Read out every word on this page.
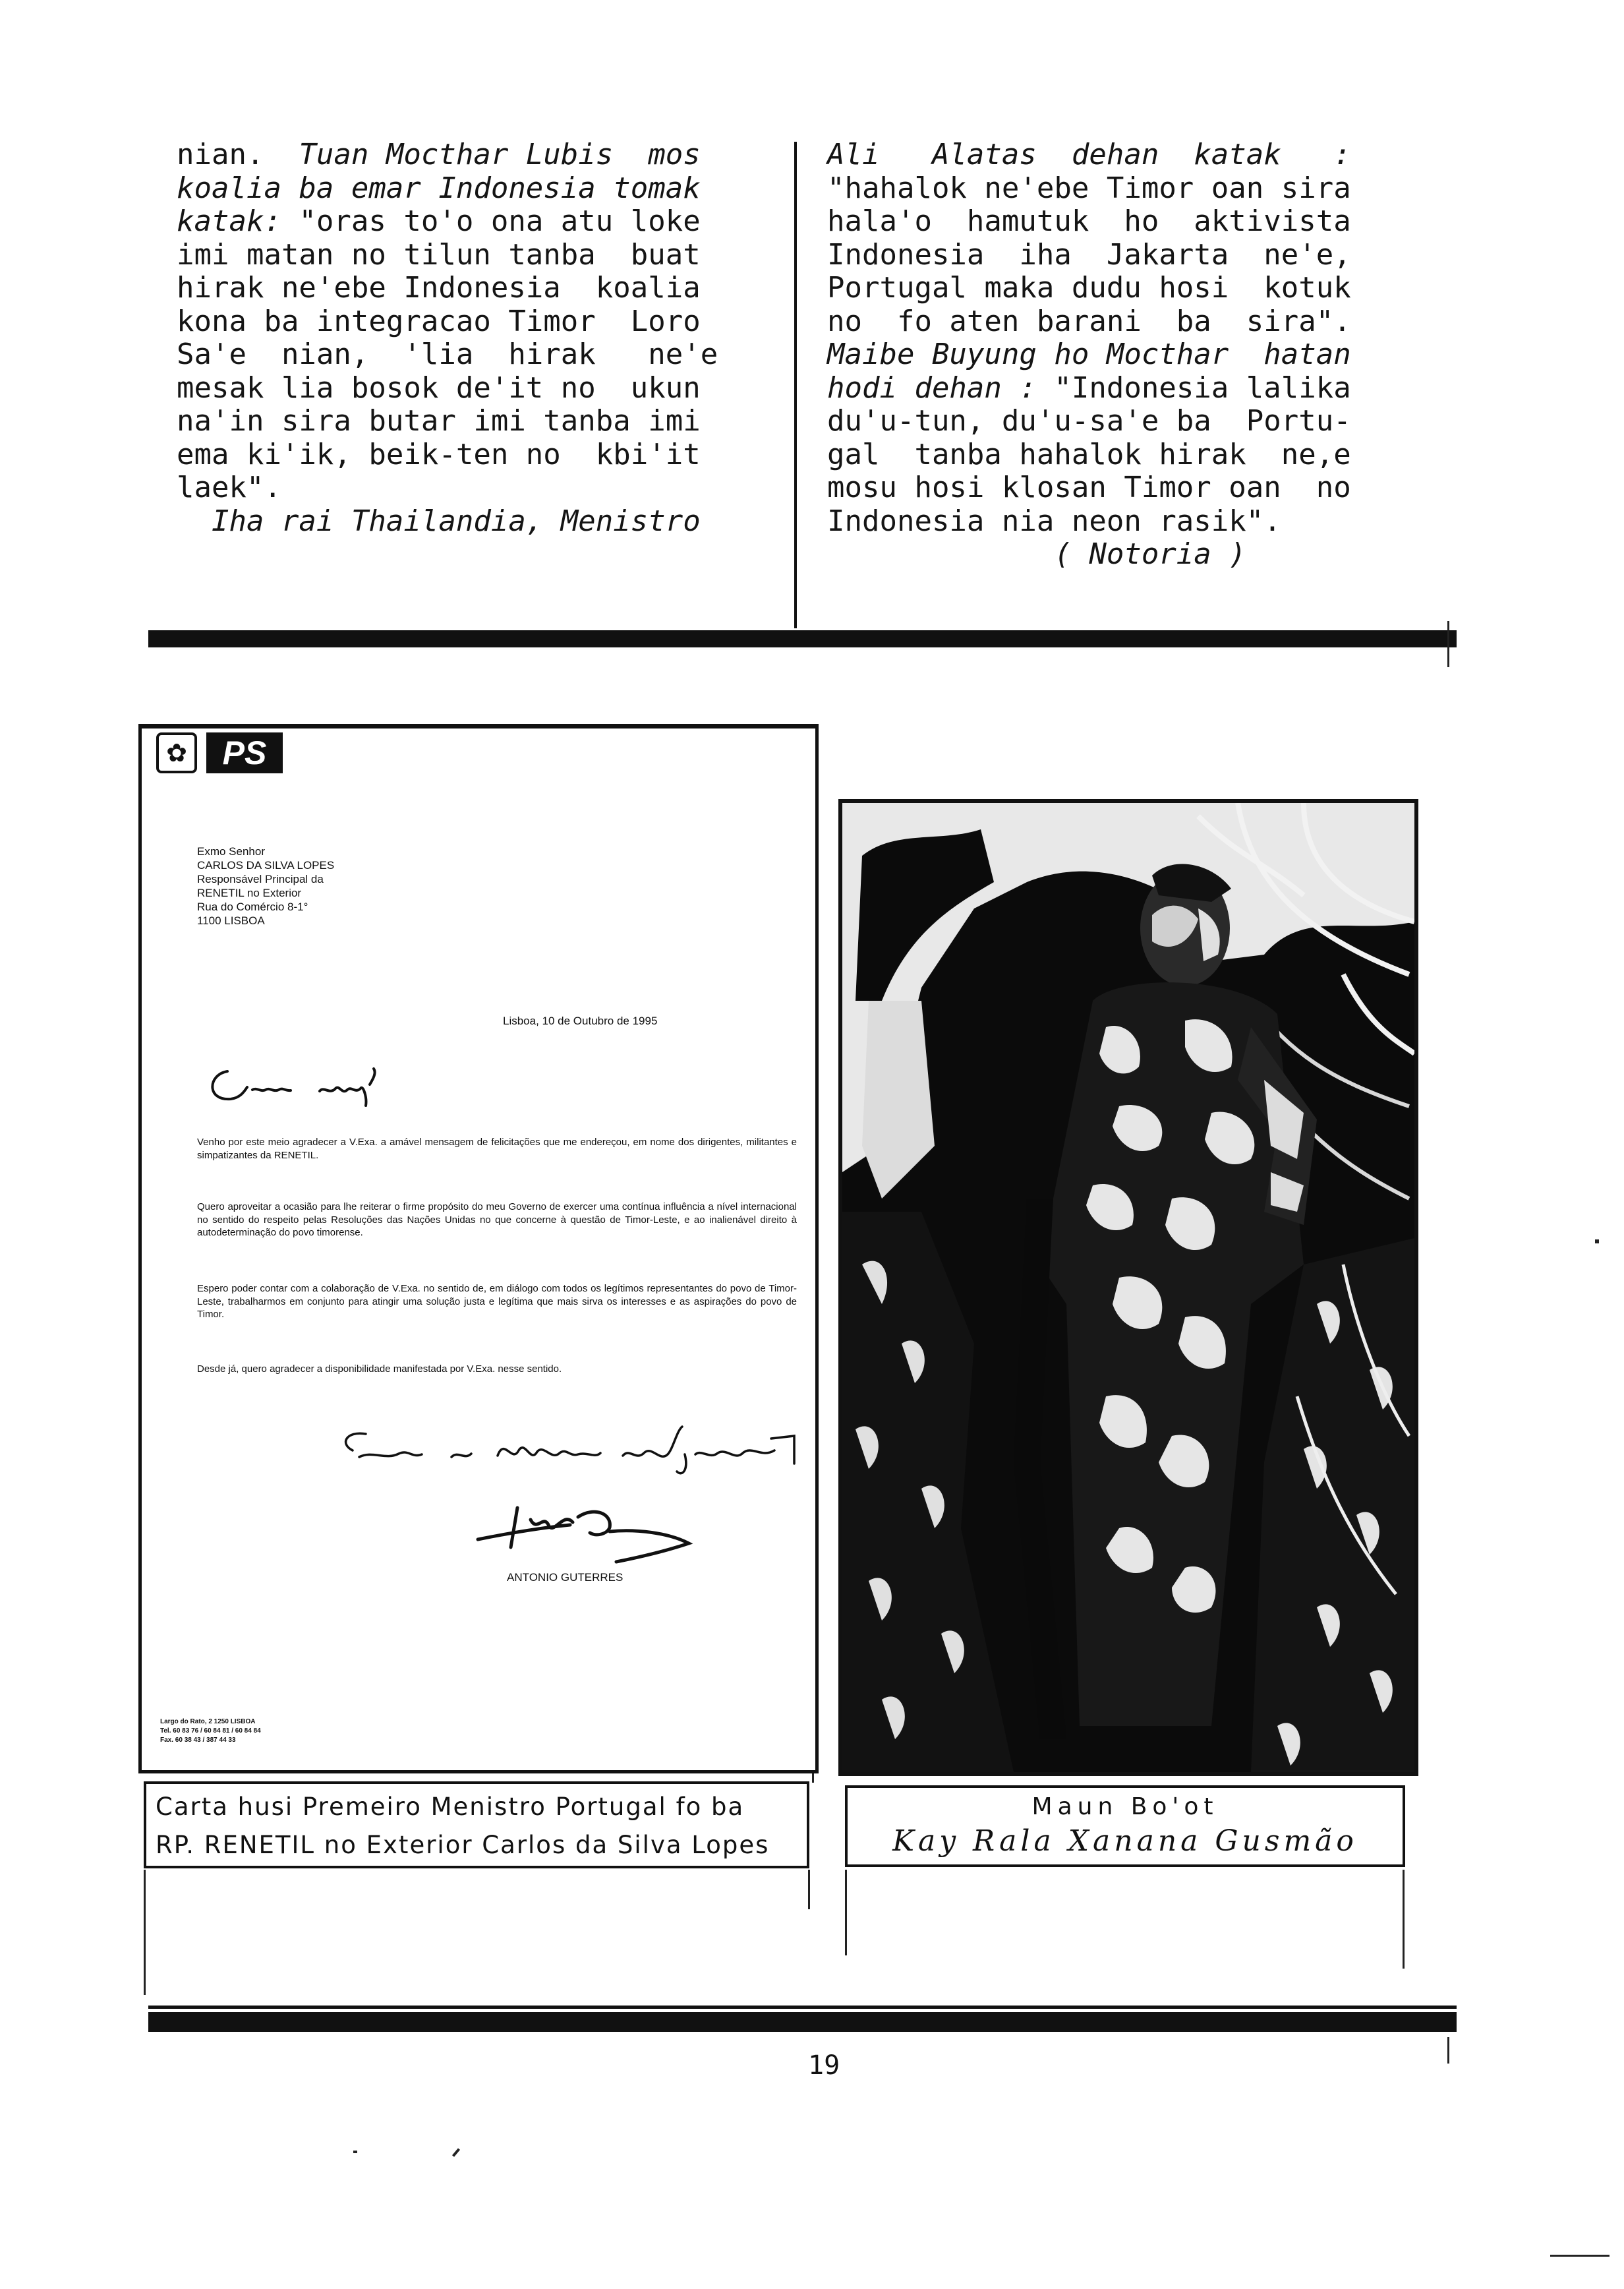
nian.  Tuan Mocthar Lubis  mos
koalia ba emar Indonesia tomak
katak: "oras to'o ona atu loke
imi matan no tilun tanba  buat
hirak ne'ebe Indonesia  koalia
kona ba integracao Timor  Loro
Sa'e  nian,  'lia  hirak   ne'e
mesak lia bosok de'it no  ukun
na'in sira butar imi tanba imi
ema ki'ik, beik-ten no  kbi'it
laek".
Iha rai Thailandia, Menistro
Ali   Alatas  dehan  katak   :
"hahalok ne'ebe Timor oan sira
hala'o  hamutuk  ho  aktivista
Indonesia  iha  Jakarta  ne'e,
Portugal maka dudu hosi  kotuk
no  fo aten barani  ba  sira".
Maibe Buyung ho Mocthar  hatan
hodi dehan : "Indonesia lalika
du'u-tun, du'u-sa'e ba  Portu-
gal  tanba hahalok hirak  ne,e
mosu hosi klosan Timor oan  no
Indonesia nia neon rasik".
( Notoria )
✿	PS
Exmo Senhor
CARLOS DA SILVA LOPES
Responsável Principal da
RENETIL no Exterior
Rua do Comércio 8-1°
1100 LISBOA
Lisboa, 10 de Outubro de 1995
Venho por este meio agradecer a V.Exa. a amável mensagem de felicitações que me endereçou, em nome dos dirigentes, militantes e simpatizantes da RENETIL.
Quero aproveitar a ocasião para lhe reiterar o firme propósito do meu Governo de exercer uma contínua influência a nível internacional no sentido do respeito pelas Resoluções das Nações Unidas no que concerne à questão de Timor-Leste, e ao inalienável direito à autodeterminação do povo timorense.
Espero poder contar com a colaboração de V.Exa. no sentido de, em diálogo com todos os legítimos representantes do povo de Timor-Leste, trabalharmos em conjunto para atingir uma solução justa e legítima que mais sirva os interesses e as aspirações do povo de Timor.
Desde já, quero agradecer a disponibilidade manifestada por V.Exa. nesse sentido.
ANTONIO GUTERRES
Largo do Rato, 2 1250 LISBOA
Tel. 60 83 76 / 60 84 81 / 60 84 84
Fax. 60 38 43 / 387 44 33
Carta husi Premeiro Menistro Portugal fo ba
RP. RENETIL no Exterior Carlos da Silva Lopes
Maun Bo'ot
Kay Rala Xanana Gusmão
19
